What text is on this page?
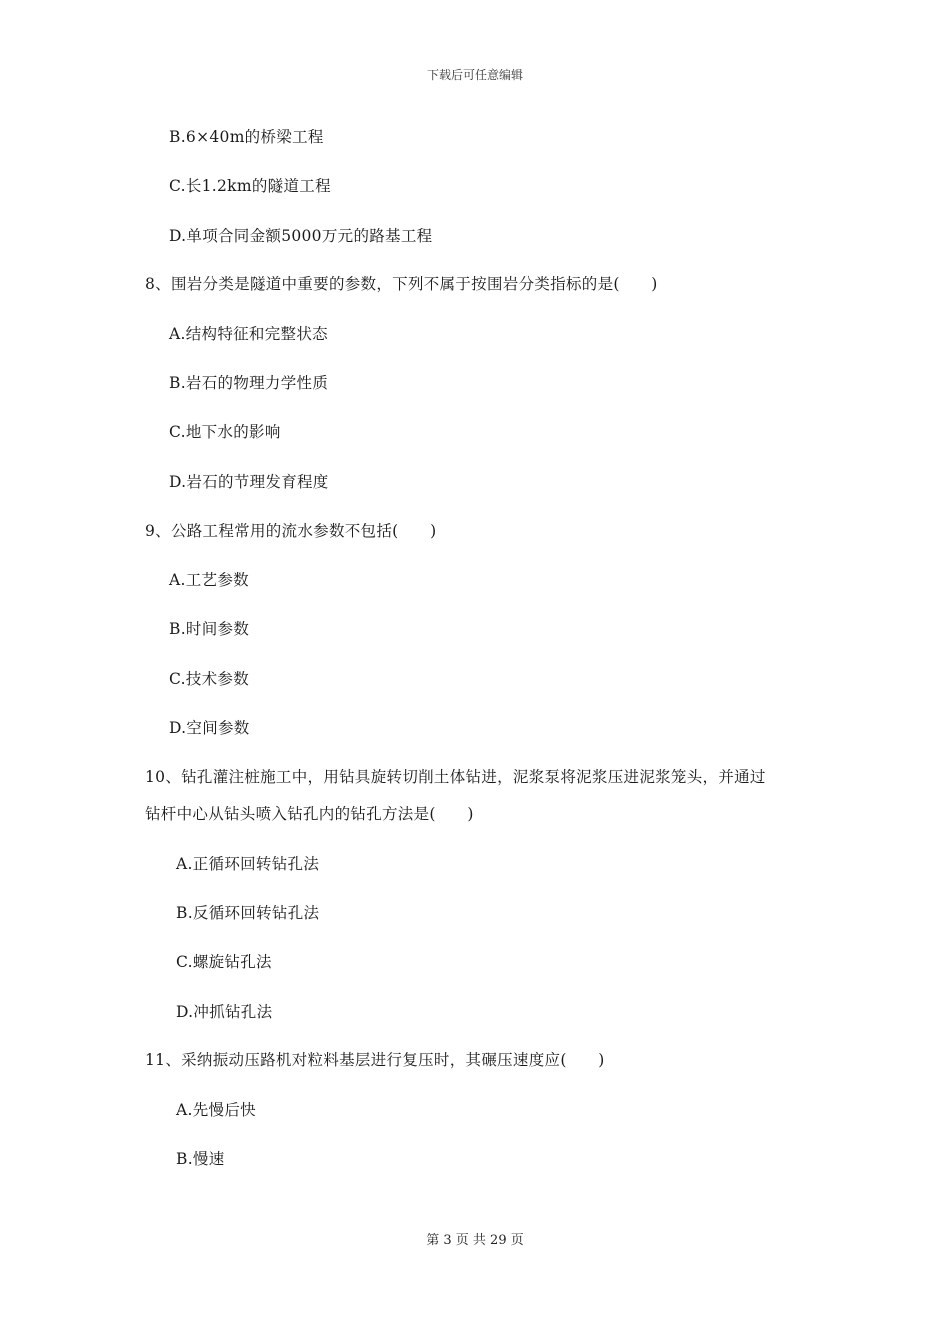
下载后可任意编辑
B.6×40m的桥梁工程
C.长1.2km的隧道工程
D.单项合同金额5000万元的路基工程
8、围岩分类是隧道中重要的参数，下列不属于按围岩分类指标的是(　　)
A.结构特征和完整状态
B.岩石的物理力学性质
C.地下水的影响
D.岩石的节理发育程度
9、公路工程常用的流水参数不包括(　　)
A.工艺参数
B.时间参数
C.技术参数
D.空间参数
10、钻孔灌注桩施工中，用钻具旋转切削土体钻进，泥浆泵将泥浆压进泥浆笼头，并通过
钻杆中心从钻头喷入钻孔内的钻孔方法是(　　)
A.正循环回转钻孔法
B.反循环回转钻孔法
C.螺旋钻孔法
D.冲抓钻孔法
11、采纳振动压路机对粒料基层进行复压时，其碾压速度应(　　)
A.先慢后快
B.慢速
第 3 页 共 29 页
